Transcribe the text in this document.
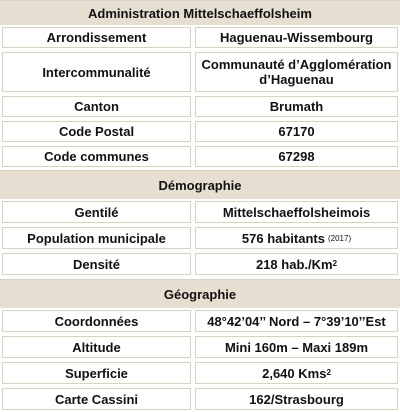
Administration Mittelschaeffolsheim
Arrondissement	Haguenau-Wissembourg
Intercommunalité	Communauté d’Agglomération
d’Haguenau
Canton	Brumath
Code Postal	67170
Code communes	67298
Démographie
Gentilé	Mittelschaeffolsheimois
Population municipale	576 habitants (2017)
Densité	218 hab./Km 2
Géographie
Coordonnées	48°42’04’’ Nord – 7°39’10’’Est
Altitude	Mini 160m – Maxi 189m
Superficie	2,640 Kms 2
Carte Cassini	162/Strasbourg
